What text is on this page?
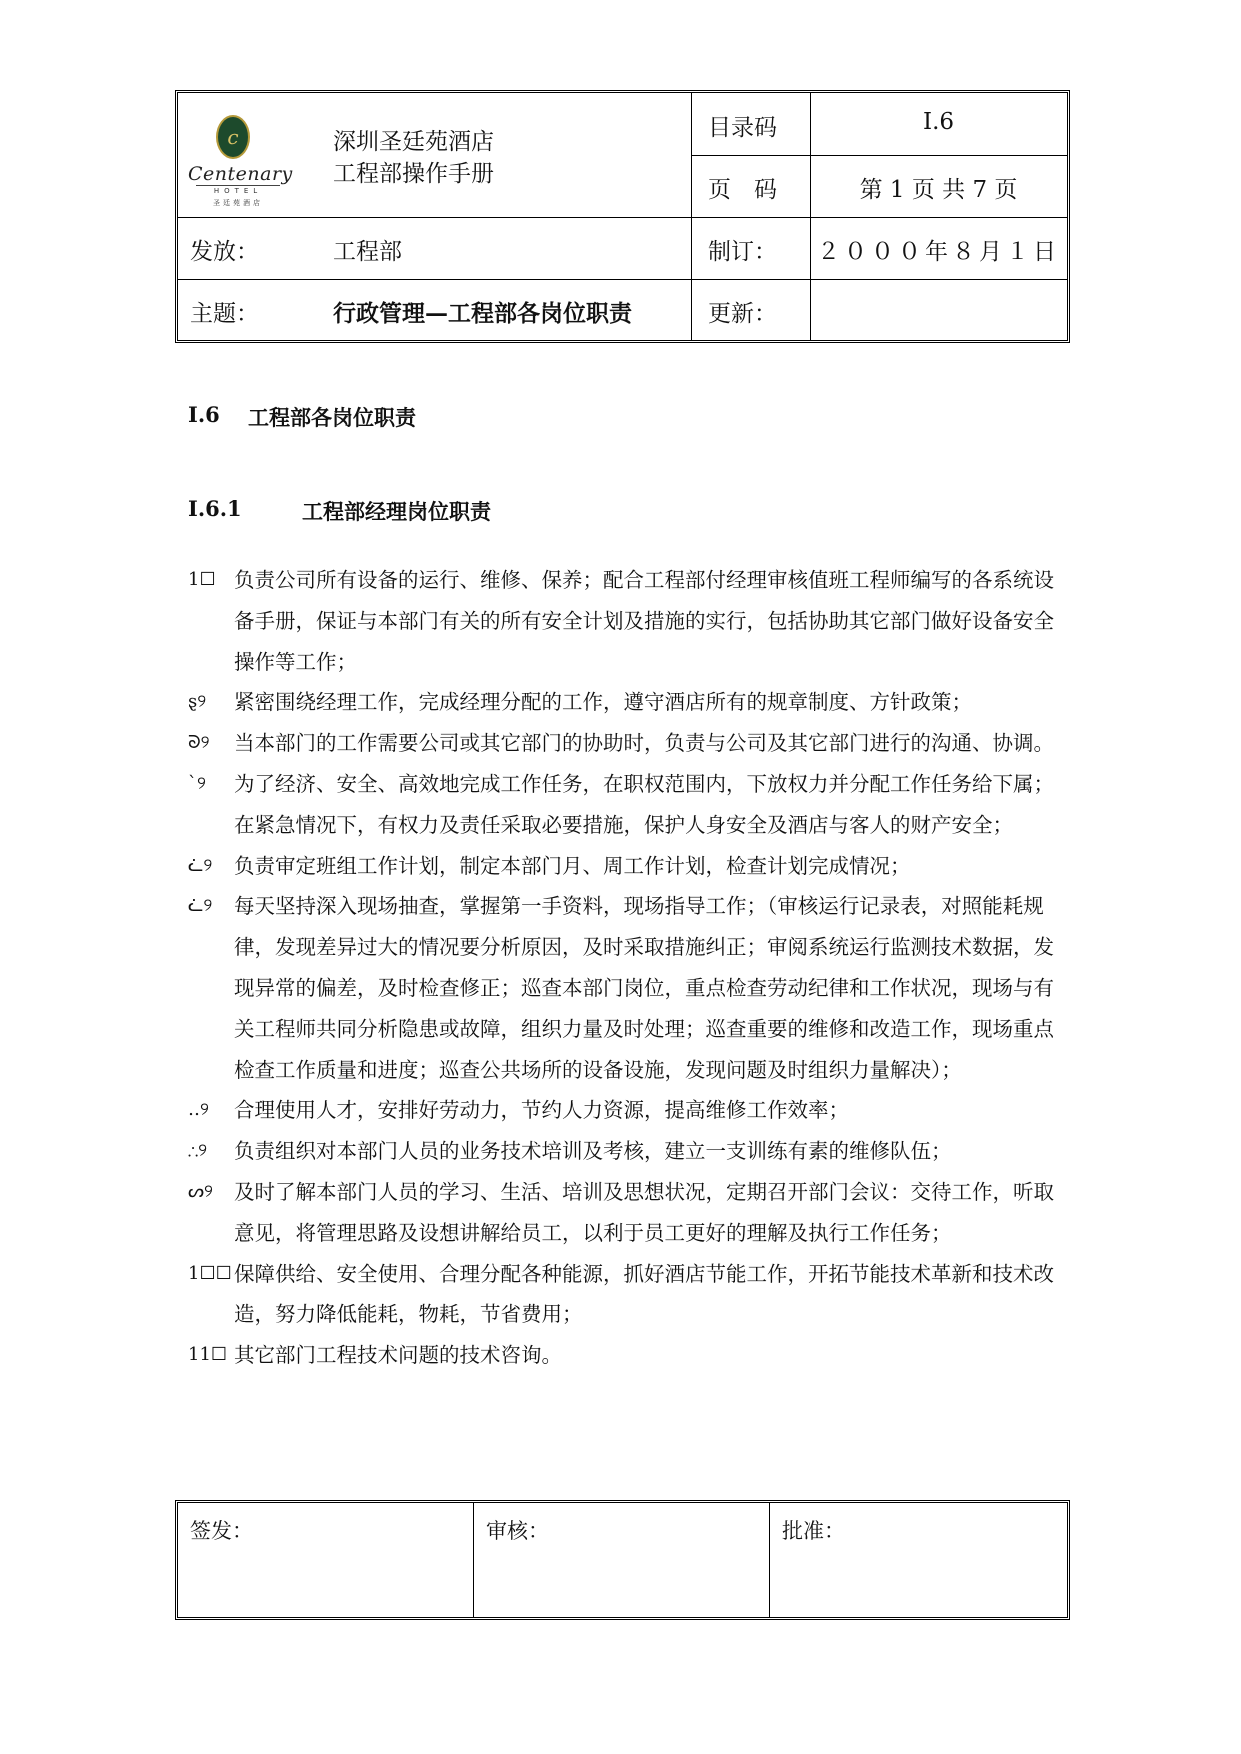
c
Centenary
HOTEL
圣廷苑酒店
深圳圣廷苑酒店
工程部操作手册
目录码	I.6
页　码	第 1 页 共 7 页
发放：	工程部	制订：	２０００年８月１日
主题：	行政管理—工程部各岗位职责	更新：
I.6 工程部各岗位职责
I.6.1	工程部经理岗位职责
1☐ 负责公司所有设备的运行、维修、保养；配合工程部付经理审核值班工程师编写的各系统设备手册，保证与本部门有关的所有安全计划及措施的实行，包括协助其它部门做好设备安全操作等工作；
ȿ୨	紧密围绕经理工作，完成经理分配的工作，遵守酒店所有的规章制度、方针政策；
ᘐ୨	当本部门的工作需要公司或其它部门的协助时，负责与公司及其它部门进行的沟通、协调。
ˋ୨	为了经济、安全、高效地完成工作任务，在职权范围内，下放权力并分配工作任务给下属；在紧急情况下，有权力及责任采取必要措施，保护人身安全及酒店与客人的财产安全；
ᓛ୨	负责审定班组工作计划，制定本部门月、周工作计划，检查计划完成情况；
ᓛ୨	每天坚持深入现场抽查，掌握第一手资料，现场指导工作；（审核运行记录表，对照能耗规律，发现差异过大的情况要分析原因，及时采取措施纠正；审阅系统运行监测技术数据，发现异常的偏差，及时检查修正；巡查本部门岗位，重点检查劳动纪律和工作状况，现场与有关工程师共同分析隐患或故障，组织力量及时处理；巡查重要的维修和改造工作，现场重点检查工作质量和进度；巡查公共场所的设备设施，发现问题及时组织力量解决）；
‥୨	合理使用人才，安排好劳动力，节约人力资源，提高维修工作效率；
∴୨	负责组织对本部门人员的业务技术培训及考核，建立一支训练有素的维修队伍；
ᔕ୨	及时了解本部门人员的学习、生活、培训及思想状况，定期召开部门会议：交待工作，听取意见，将管理思路及设想讲解给员工，以利于员工更好的理解及执行工作任务；
1☐☐ 保障供给、安全使用、合理分配各种能源，抓好酒店节能工作，开拓节能技术革新和技术改造，努力降低能耗，物耗，节省费用；
11☐ 其它部门工程技术问题的技术咨询。
签发：	审核：	批准：
